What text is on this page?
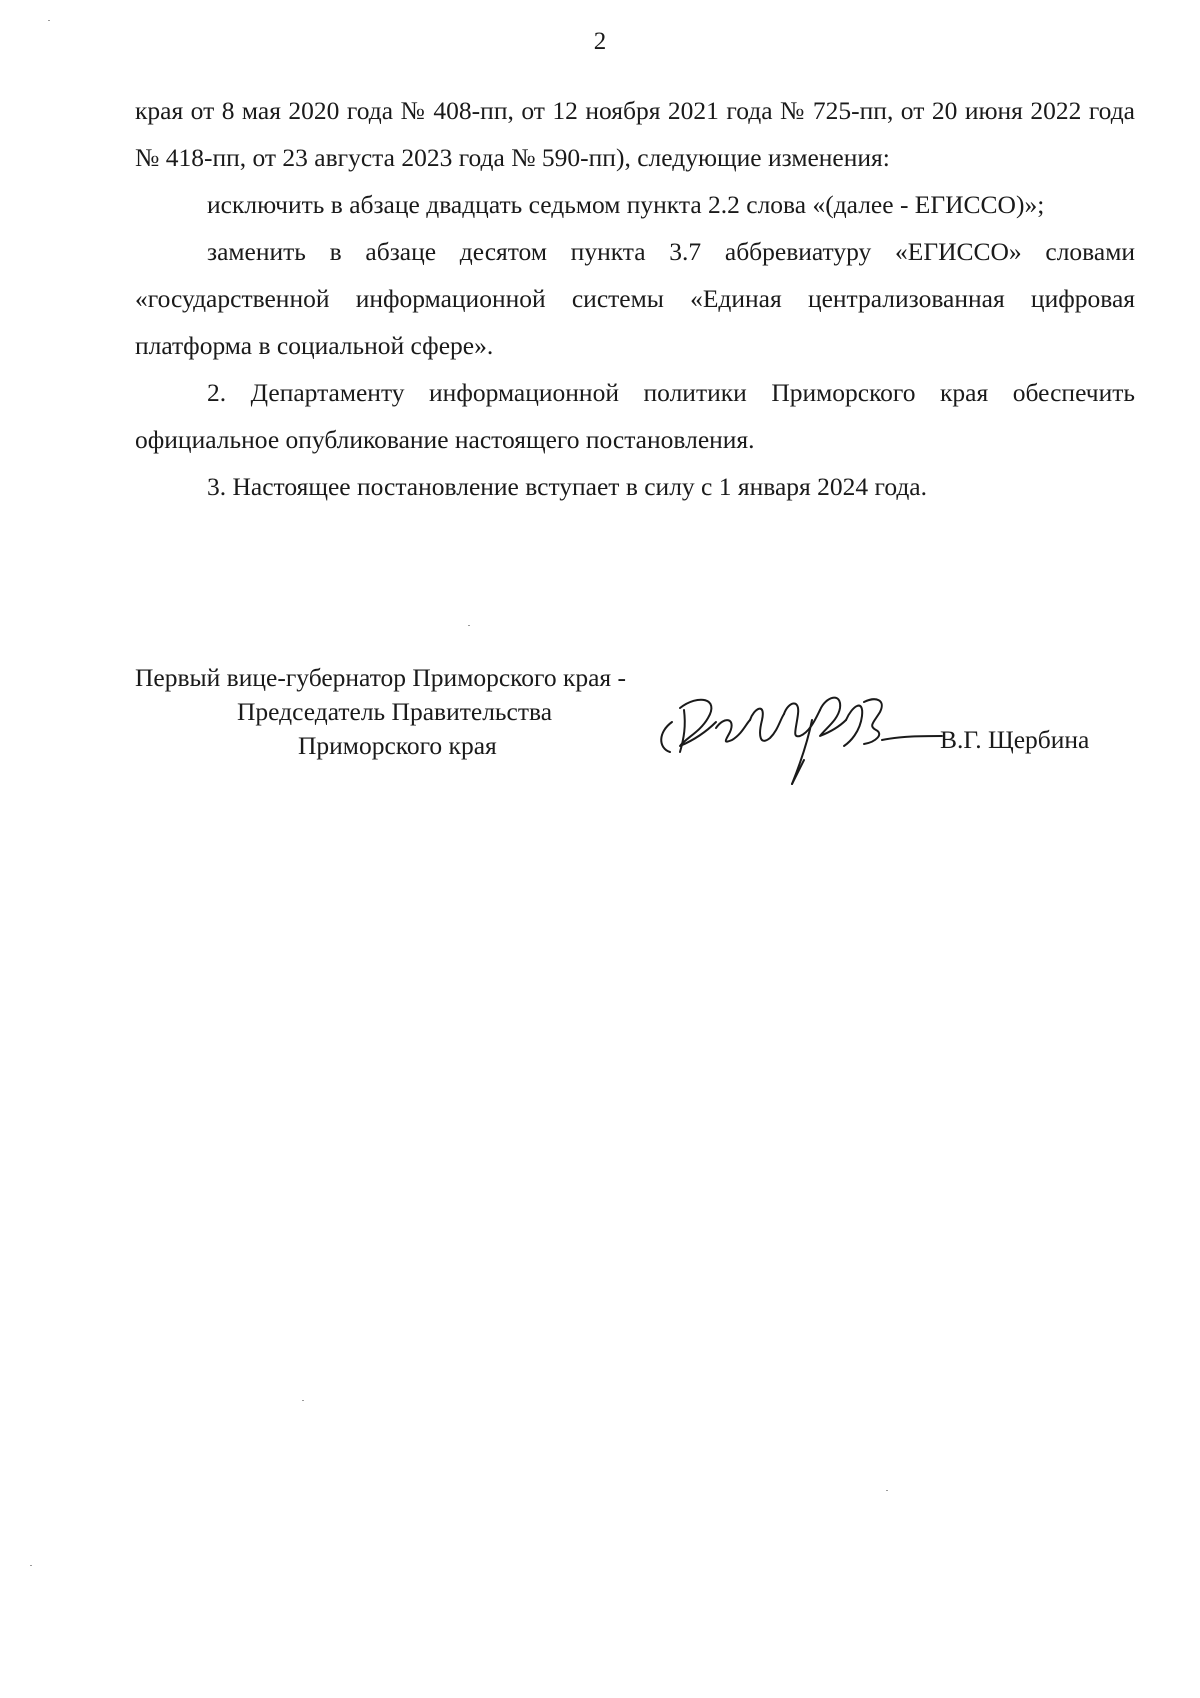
2

края от 8 мая 2020 года № 408-пп, от 12 ноября 2021 года № 725-пп, от 20 июня 2022 года № 418-пп, от 23 августа 2023 года № 590-пп), следующие изменения:

исключить в абзаце двадцать седьмом пункта 2.2 слова «(далее - ЕГИССО)»;

заменить в абзаце десятом пункта 3.7 аббревиатуру «ЕГИССО» словами «государственной информационной системы «Единая централизованная цифровая платформа в социальной сфере».

2. Департаменту информационной политики Приморского края обеспечить официальное опубликование настоящего постановления.

3. Настоящее постановление вступает в силу с 1 января 2024 года.

Первый вице-губернатор Приморского края -
Председатель Правительства
Приморского края	В.Г. Щербина
